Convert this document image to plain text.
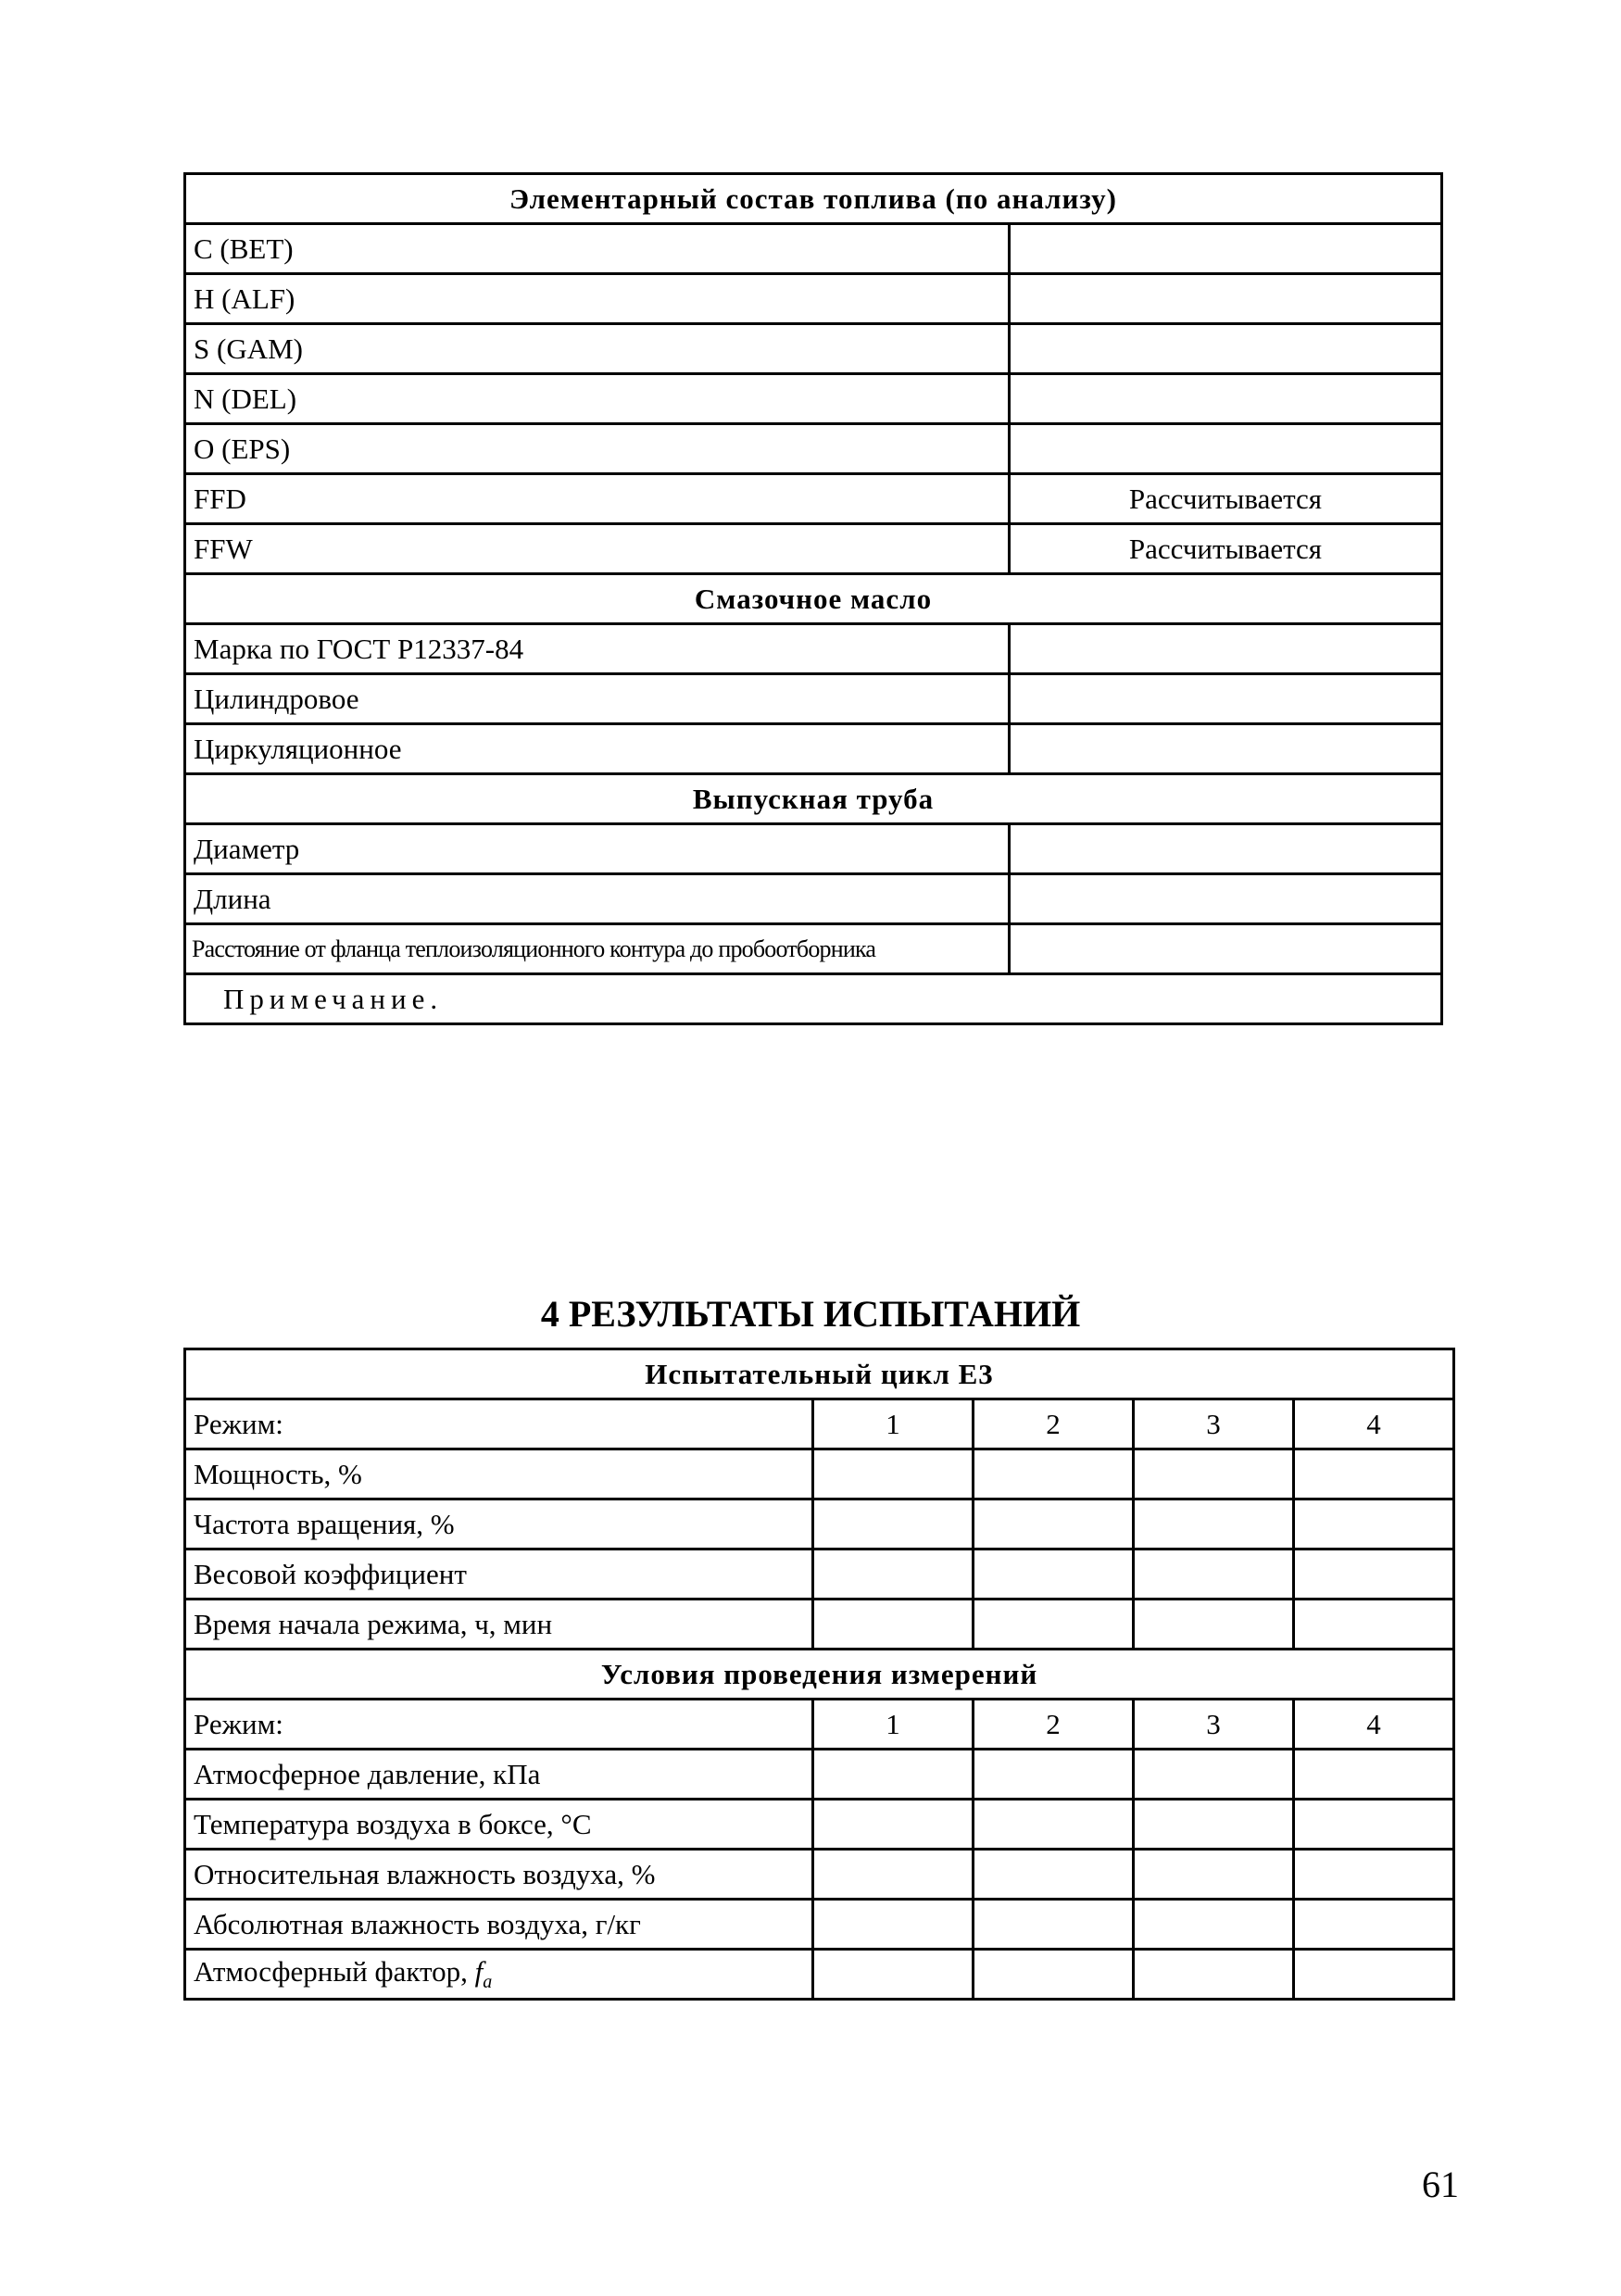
Элементарный состав топлива (по анализу)	
C (BET)	
H (ALF)	
S (GAM)	
N (DEL)	
O (EPS)	
FFD	Рассчитывается
FFW	Рассчитывается
Смазочное масло	
Марка по ГОСТ Р12337-84	
Цилиндровое	
Циркуляционное	
Выпускная труба	
Диаметр	
Длина	
Расстояние от фланца теплоизоляционного контура до пробоотборника	
Примечание.	
4 РЕЗУЛЬТАТЫ ИСПЫТАНИЙ
Испытательный цикл Е3				
Режим:	1	2	3	4
Мощность, %				
Частота вращения, %				
Весовой коэффициент				
Время начала режима, ч, мин				
Условия проведения измерений				
Режим:	1	2	3	4
Атмосферное давление, кПа				
Температура воздуха в боксе, °С				
Относительная влажность воздуха, %				
Абсолютная влажность воздуха, г/кг				
Атмосферный фактор, $f_a$				
61
